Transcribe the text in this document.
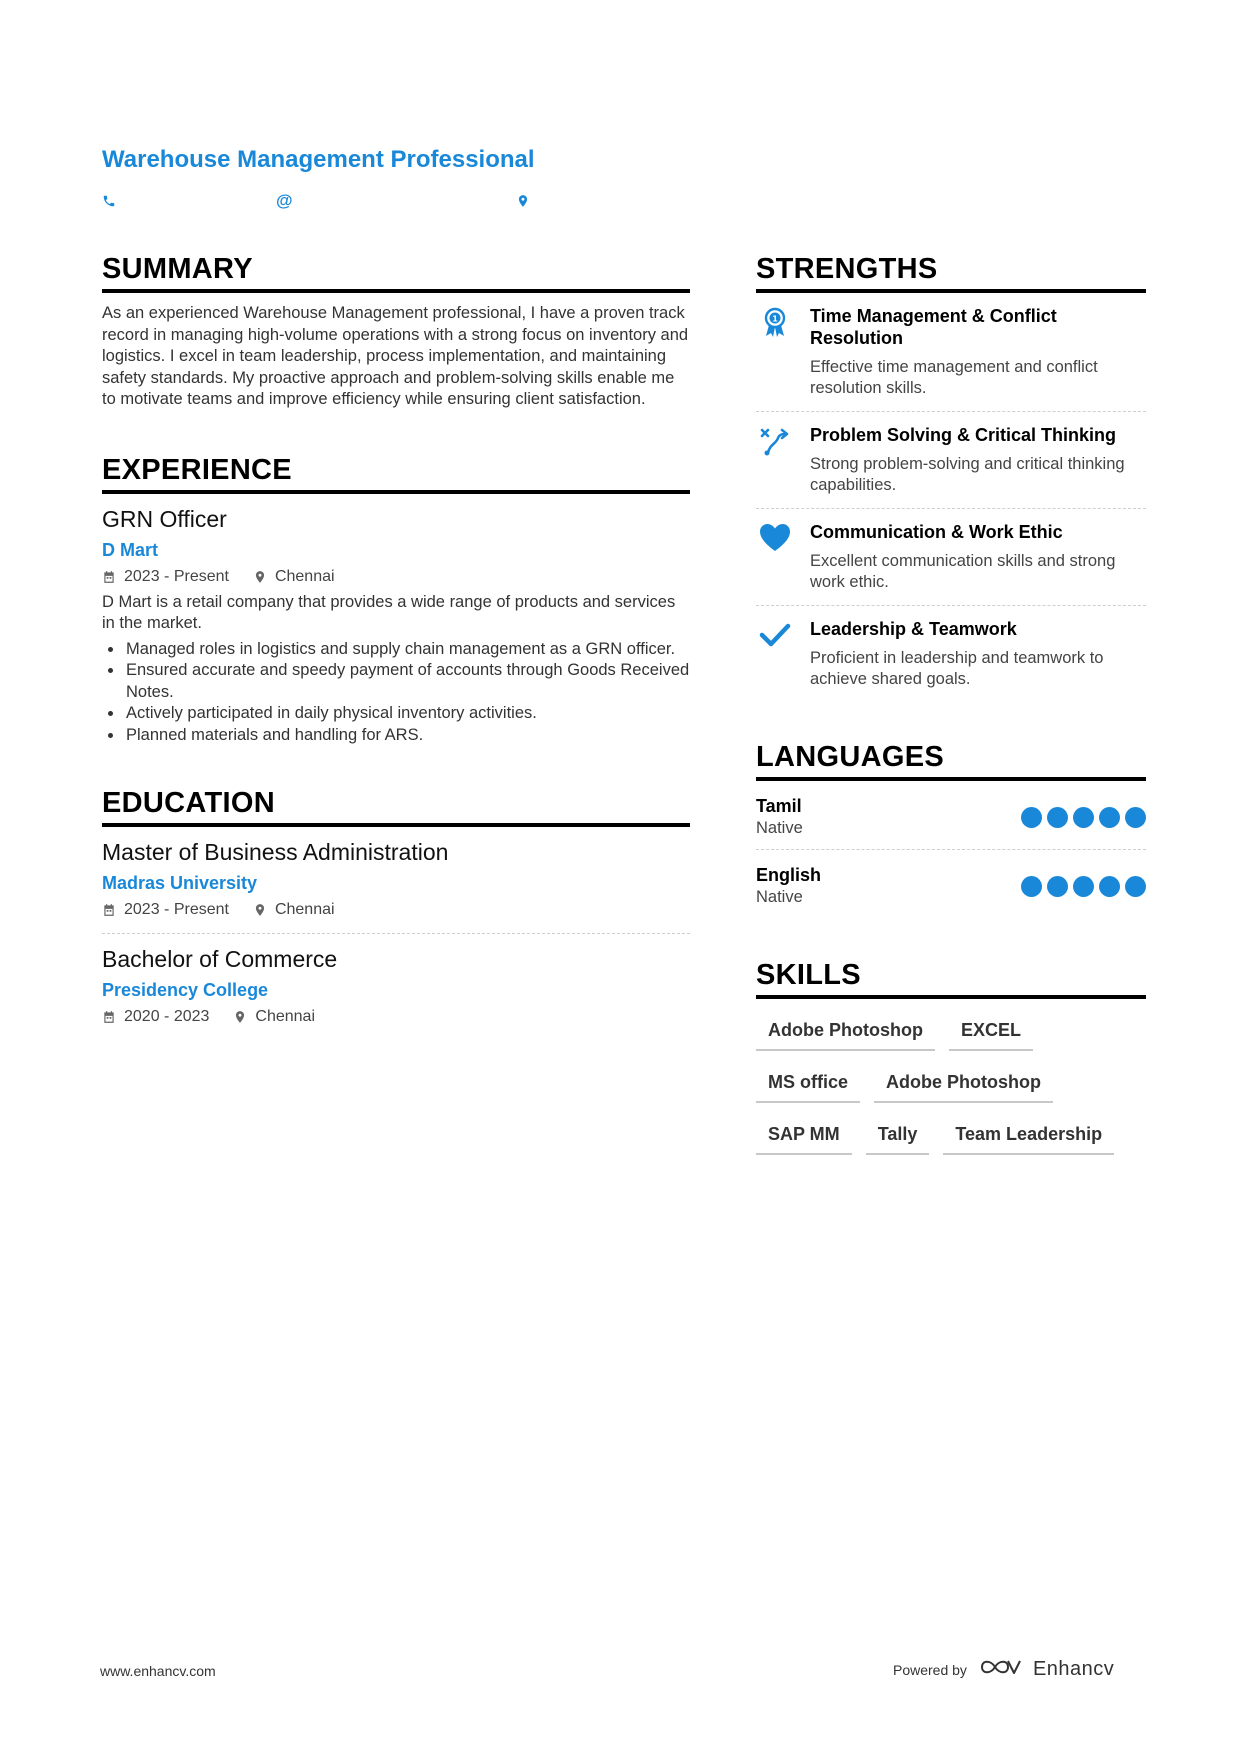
Warehouse Management Professional
@
SUMMARY

As an experienced Warehouse Management professional, I have a proven track record in managing high-volume operations with a strong focus on inventory and logistics. I excel in team leadership, process implementation, and maintaining safety standards. My proactive approach and problem-solving skills enable me to motivate teams and improve efficiency while ensuring client satisfaction.

EXPERIENCE
GRN Officer
D Mart
2023 - Present	Chennai

D Mart is a retail company that provides a wide range of products and services in the market.

• Managed roles in logistics and supply chain management as a GRN officer.
• Ensured accurate and speedy payment of accounts through Goods Received Notes.
• Actively participated in daily physical inventory activities.
• Planned materials and handling for ARS.
EDUCATION
Master of Business Administration
Madras University
2023 - Present	Chennai
Bachelor of Commerce
Presidency College
2020 - 2023	Chennai
STRENGTHS
1 Time Management & Conflict Resolution
Effective time management and conflict resolution skills.
Problem Solving & Critical Thinking
Strong problem-solving and critical thinking capabilities.
Communication & Work Ethic
Excellent communication skills and strong work ethic.
Leadership & Teamwork
Proficient in leadership and teamwork to achieve shared goals.
LANGUAGES
Tamil
Native
English
Native
SKILLS
Adobe Photoshop	EXCEL
MS office	Adobe Photoshop
SAP MM	Tally	Team Leadership
www.enhancv.com	Powered by	Enhancv
